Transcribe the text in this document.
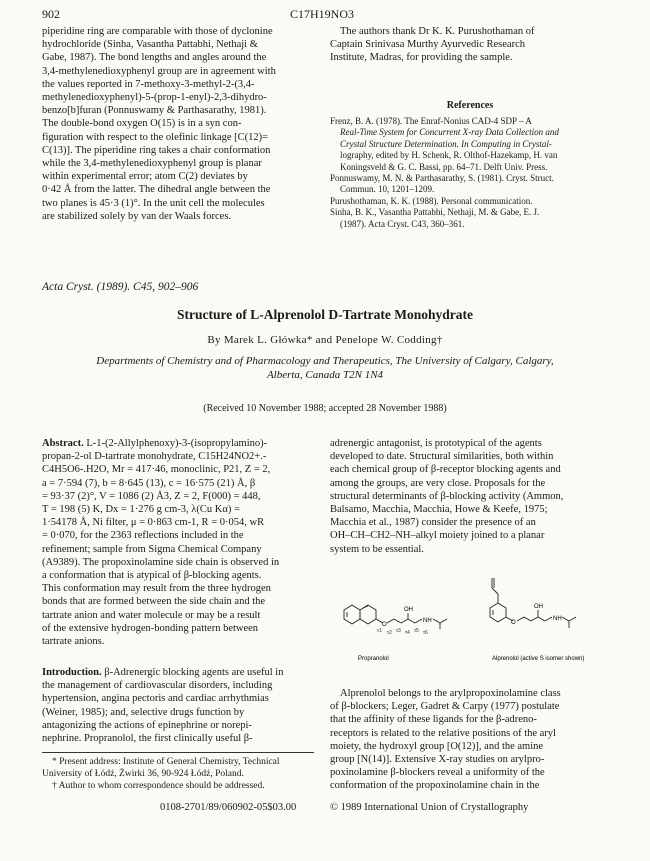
902	C17H19NO3

piperidine ring are comparable with those of dyclonine

hydrochloride (Sinha, Vasantha Pattabhi, Nethaji &

Gabe, 1987). The bond lengths and angles around the

3,4-methylenedioxyphenyl group are in agreement with

the values reported in 7-methoxy-3-methyl-2-(3,4-

methylenedioxyphenyl)-5-(prop-1-enyl)-2,3-dihydro-

benzo[b]furan (Ponnuswamy & Parthasarathy, 1981).

The double-bond oxygen O(15) is in a syn con-

figuration with respect to the olefinic linkage [C(12)=

C(13)]. The piperidine ring takes a chair conformation

while the 3,4-methylenedioxyphenyl group is planar

within experimental error; atom C(2) deviates by

0·42 Å from the latter. The dihedral angle between the

two planes is 45·3 (1)°. In the unit cell the molecules

are stabilized solely by van der Waals forces.

The authors thank Dr K. K. Purushothaman of

Captain Srinivasa Murthy Ayurvedic Research

Institute, Madras, for providing the sample.

References

Frenz, B. A. (1978). The Enraf-Nonius CAD-4 SDP – A

Real-Time System for Concurrent X-ray Data Collection and

Crystal Structure Determination. In Computing in Crystal-

lography, edited by H. Schenk, R. Olthof-Hazekamp, H. van

Koningsveld & G. C. Bassi, pp. 64–71. Delft Univ. Press.

Ponnuswamy, M. N. & Parthasarathy, S. (1981). Cryst. Struct.

Commun. 10, 1201–1209.

Purushothaman, K. K. (1988). Personal communication.

Sinha, B. K., Vasantha Pattabhi, Nethaji, M. & Gabe, E. J.

(1987). Acta Cryst. C43, 360–361.

Acta Cryst. (1989). C45, 902–906
Structure of L-Alprenolol D-Tartrate Monohydrate
By Marek L. Główka* and Penelope W. Codding†
Departments of Chemistry and of Pharmacology and Therapeutics, The University of Calgary, Calgary,
Alberta, Canada T2N 1N4
(Received 10 November 1988; accepted 28 November 1988)

Abstract. L-1-(2-Allylphenoxy)-3-(isopropylamino)-

propan-2-ol D-tartrate monohydrate, C15H24NO2+.-

C4H5O6-.H2O, Mr = 417·46, monoclinic, P21, Z = 2,

a = 7·594 (7), b = 8·645 (13), c = 16·575 (21) Å, β

= 93·37 (2)°, V = 1086 (2) Å3, Z = 2, F(000) = 448,

T = 198 (5) K, Dx = 1·276 g cm-3, λ(Cu Kα) =

1·54178 Å, Ni filter, μ = 0·863 cm-1, R = 0·054, wR

= 0·070, for the 2363 reflections included in the

refinement; sample from Sigma Chemical Company

(A9389). The propoxinolamine side chain is observed in

a conformation that is atypical of β-blocking agents.

This conformation may result from the three hydrogen

bonds that are formed between the side chain and the

tartrate anion and water molecule or may be a result

of the extensive hydrogen-bonding pattern between

tartrate anions.

Introduction. β-Adrenergic blocking agents are useful in

the management of cardiovascular disorders, including

hypertension, angina pectoris and cardiac arrhythmias

(Weiner, 1985); and, selective drugs function by

antagonizing the actions of epinephrine or norepi-

nephrine. Propranolol, the first clinically useful β-

* Present address: Institute of General Chemistry, Technical
University of Łódź, Żwirki 36, 90-924 Łódź, Poland.
† Author to whom correspondence should be addressed.
0108-2701/89/060902-05$03.00	© 1989 International Union of Crystallography

adrenergic antagonist, is prototypical of the agents

developed to date. Structural similarities, both within

each chemical group of β-receptor blocking agents and

among the groups, are very close. Proposals for the

structural determinants of β-blocking activity (Ammon,

Balsamo, Macchia, Macchia, Howe & Keefe, 1975;

Macchia et al., 1987) consider the presence of an

OH–CH–CH2–NH–alkyl moiety joined to a planar

system to be essential.

O
OH
NH
τ1 τ2 τ3 τ4 τ5 τ6
O
OH
NH
Propranolol	Alprenolol (active S isomer shown)

Alprenolol belongs to the arylpropoxinolamine class

of β-blockers; Leger, Gadret & Carpy (1977) postulate

that the affinity of these ligands for the β-adreno-

receptors is related to the relative positions of the aryl

moiety, the hydroxyl group [O(12)], and the amine

group [N(14)]. Extensive X-ray studies on arylpro-

poxinolamine β-blockers reveal a uniformity of the

conformation of the propoxinolamine chain in the
